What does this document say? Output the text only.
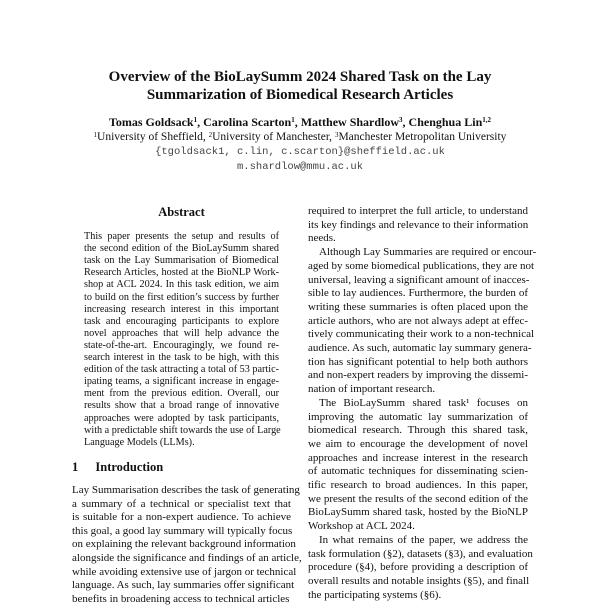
Overview of the BioLaySumm 2024 Shared Task on the Lay
Summarization of Biomedical Research Articles
Tomas Goldsack$^1$, Carolina Scarton$^1$, Matthew Shardlow$^3$, Chenghua Lin$^{1,2}$
$^1$University of Sheffield, $^2$University of Manchester, $^3$Manchester Metropolitan University
{tgoldsack1, c.lin, c.scarton}@sheffield.ac.uk
m.shardlow@mmu.ac.uk
Abstract
This paper presents the setup and results of
the second edition of the BioLaySumm shared
task on the Lay Summarisation of Biomedical
Research Articles, hosted at the BioNLP Work-
shop at ACL 2024. In this task edition, we aim
to build on the first edition’s success by further
increasing research interest in this important
task and encouraging participants to explore
novel approaches that will help advance the
state-of-the-art. Encouragingly, we found re-
search interest in the task to be high, with this
edition of the task attracting a total of 53 partic-
ipating teams, a significant increase in engage-
ment from the previous edition. Overall, our
results show that a broad range of innovative
approaches were adopted by task participants,
with a predictable shift towards the use of Large
Language Models (LLMs).
1 Introduction
Lay Summarisation describes the task of generating
a summary of a technical or specialist text that
is suitable for a non-expert audience. To achieve
this goal, a good lay summary will typically focus
on explaining the relevant background information
alongside the significance and findings of an article,
while avoiding extensive use of jargon or technical
language. As such, lay summaries offer significant
benefits in broadening access to technical articles
required to interpret the full article, to understand
its key findings and relevance to their information
needs.
Although Lay Summaries are required or encour-
aged by some biomedical publications, they are not
universal, leaving a significant amount of inacces-
sible to lay audiences. Furthermore, the burden of
writing these summaries is often placed upon the
article authors, who are not always adept at effec-
tively communicating their work to a non-technical
audience. As such, automatic lay summary genera-
tion has significant potential to help both authors
and non-expert readers by improving the dissemi-
nation of important research.
The BioLaySumm shared task¹ focuses on
improving the automatic lay summarization of
biomedical research. Through this shared task,
we aim to encourage the development of novel
approaches and increase interest in the research
of automatic techniques for disseminating scien-
tific research to broad audiences. In this paper,
we present the results of the second edition of the
BioLaySumm shared task, hosted by the BioNLP
Workshop at ACL 2024.
In what remains of the paper, we address the
task formulation (§2), datasets (§3), and evaluation
procedure (§4), before providing a description of
overall results and notable insights (§5), and finall
the participating systems (§6).
